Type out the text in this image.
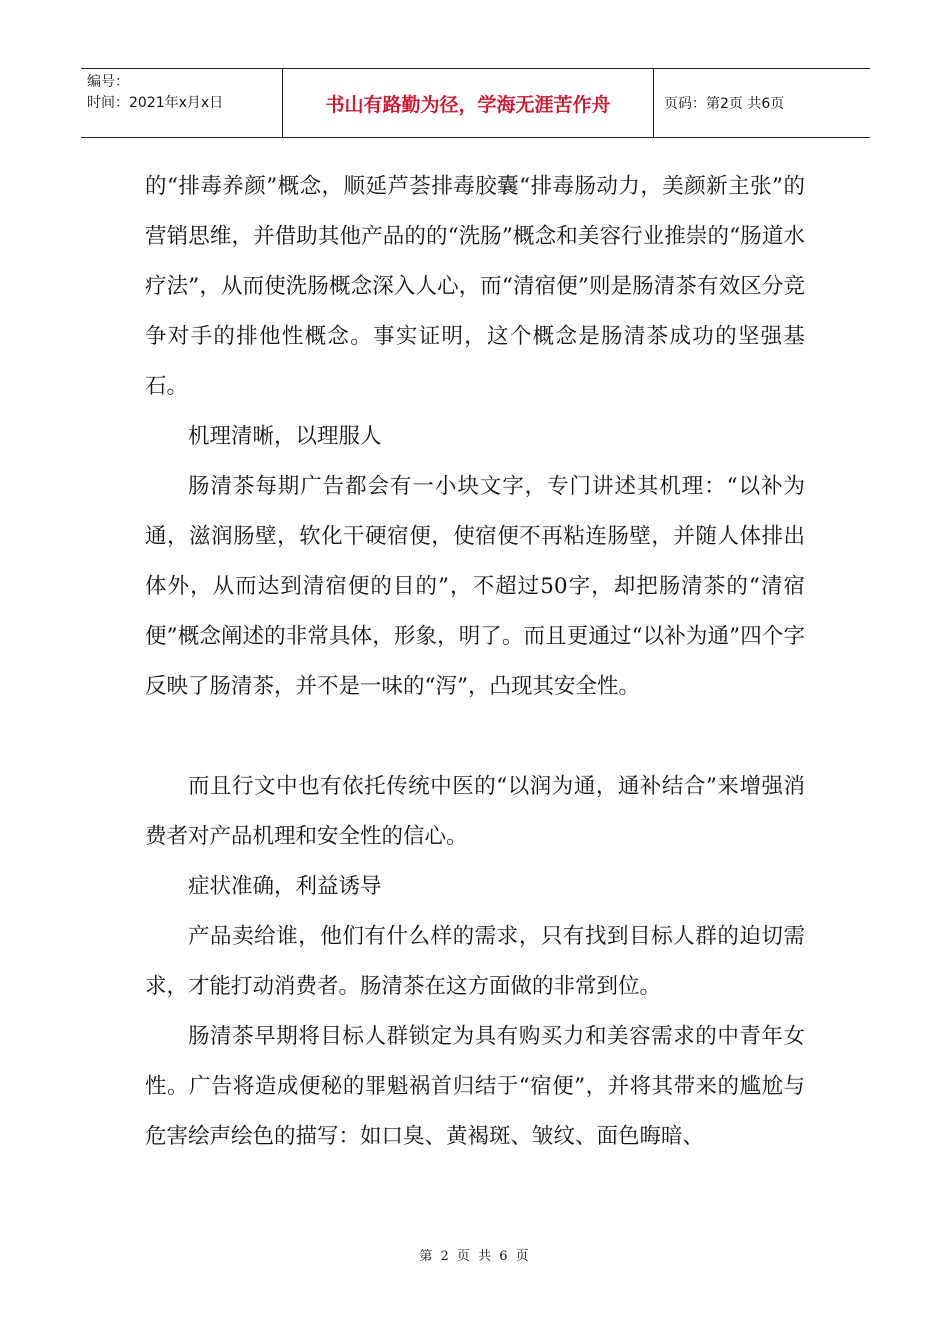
编号：
时间：2021年x月x日	书山有路勤为径，学海无涯苦作舟	页码：第2页 共6页

的“排毒养颜”概念，顺延芦荟排毒胶囊“排毒肠动力，美颜新主张”的营销思维，并借助其他产品的的“洗肠”概念和美容行业推崇的“肠道水疗法”，从而使洗肠概念深入人心，而“清宿便”则是肠清茶有效区分竞争对手的排他性概念。事实证明，这个概念是肠清茶成功的坚强基石。

机理清晰，以理服人

肠清茶每期广告都会有一小块文字，专门讲述其机理：“以补为通，滋润肠壁，软化干硬宿便，使宿便不再粘连肠壁，并随人体排出体外，从而达到清宿便的目的”，不超过50字，却把肠清茶的“清宿便”概念阐述的非常具体，形象，明了。而且更通过“以补为通”四个字反映了肠清茶，并不是一味的“泻”，凸现其安全性。

而且行文中也有依托传统中医的“以润为通，通补结合”来增强消费者对产品机理和安全性的信心。

症状准确，利益诱导

产品卖给谁，他们有什么样的需求，只有找到目标人群的迫切需求，才能打动消费者。肠清茶在这方面做的非常到位。

肠清茶早期将目标人群锁定为具有购买力和美容需求的中青年女性。广告将造成便秘的罪魁祸首归结于“宿便”，并将其带来的尴尬与危害绘声绘色的描写：如口臭、黄褐斑、皱纹、面色晦暗、

第 2 页 共 6 页
